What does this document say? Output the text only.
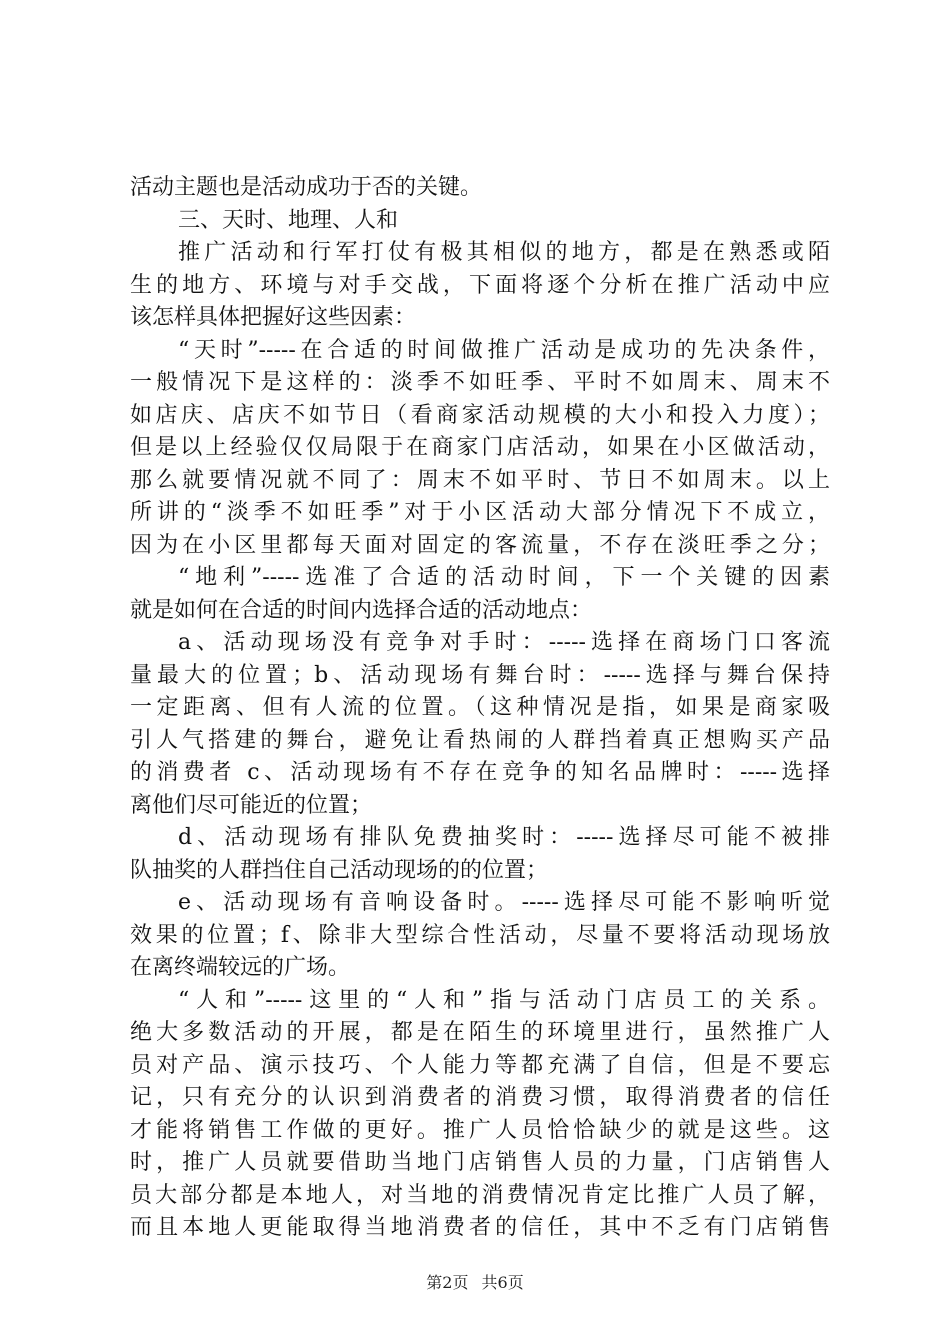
活动主题也是活动成功于否的关键。
三、天时、地理、人和
推广活动和行军打仗有极其相似的地方，都是在熟悉或陌
生的地方、环境与对手交战，下面将逐个分析在推广活动中应
该怎样具体把握好这些因素：
“天时”-----在合适的时间做推广活动是成功的先决条件，
一般情况下是这样的：淡季不如旺季、平时不如周末、周末不
如店庆、店庆不如节日（看商家活动规模的大小和投入力度）；
但是以上经验仅仅局限于在商家门店活动，如果在小区做活动，
那么就要情况就不同了：周末不如平时、节日不如周末。以上
所讲的“淡季不如旺季”对于小区活动大部分情况下不成立，
因为在小区里都每天面对固定的客流量，不存在淡旺季之分；
“地利”-----选准了合适的活动时间，下一个关键的因素
就是如何在合适的时间内选择合适的活动地点：
a、活动现场没有竞争对手时：-----选择在商场门口客流
量最大的位置；b、活动现场有舞台时：-----选择与舞台保持
一定距离、但有人流的位置。（这种情况是指，如果是商家吸
引人气搭建的舞台，避免让看热闹的人群挡着真正想购买产品
的消费者 c、活动现场有不存在竞争的知名品牌时：-----选择
离他们尽可能近的位置；
d、活动现场有排队免费抽奖时：-----选择尽可能不被排
队抽奖的人群挡住自己活动现场的的位置；
e、活动现场有音响设备时。-----选择尽可能不影响听觉
效果的位置；f、除非大型综合性活动，尽量不要将活动现场放
在离终端较远的广场。
“人和”-----这里的“人和”指与活动门店员工的关系。
绝大多数活动的开展，都是在陌生的环境里进行，虽然推广人
员对产品、演示技巧、个人能力等都充满了自信，但是不要忘
记，只有充分的认识到消费者的消费习惯，取得消费者的信任
才能将销售工作做的更好。推广人员恰恰缺少的就是这些。这
时，推广人员就要借助当地门店销售人员的力量，门店销售人
员大部分都是本地人，对当地的消费情况肯定比推广人员了解，
而且本地人更能取得当地消费者的信任，其中不乏有门店销售
第2页 共6页
